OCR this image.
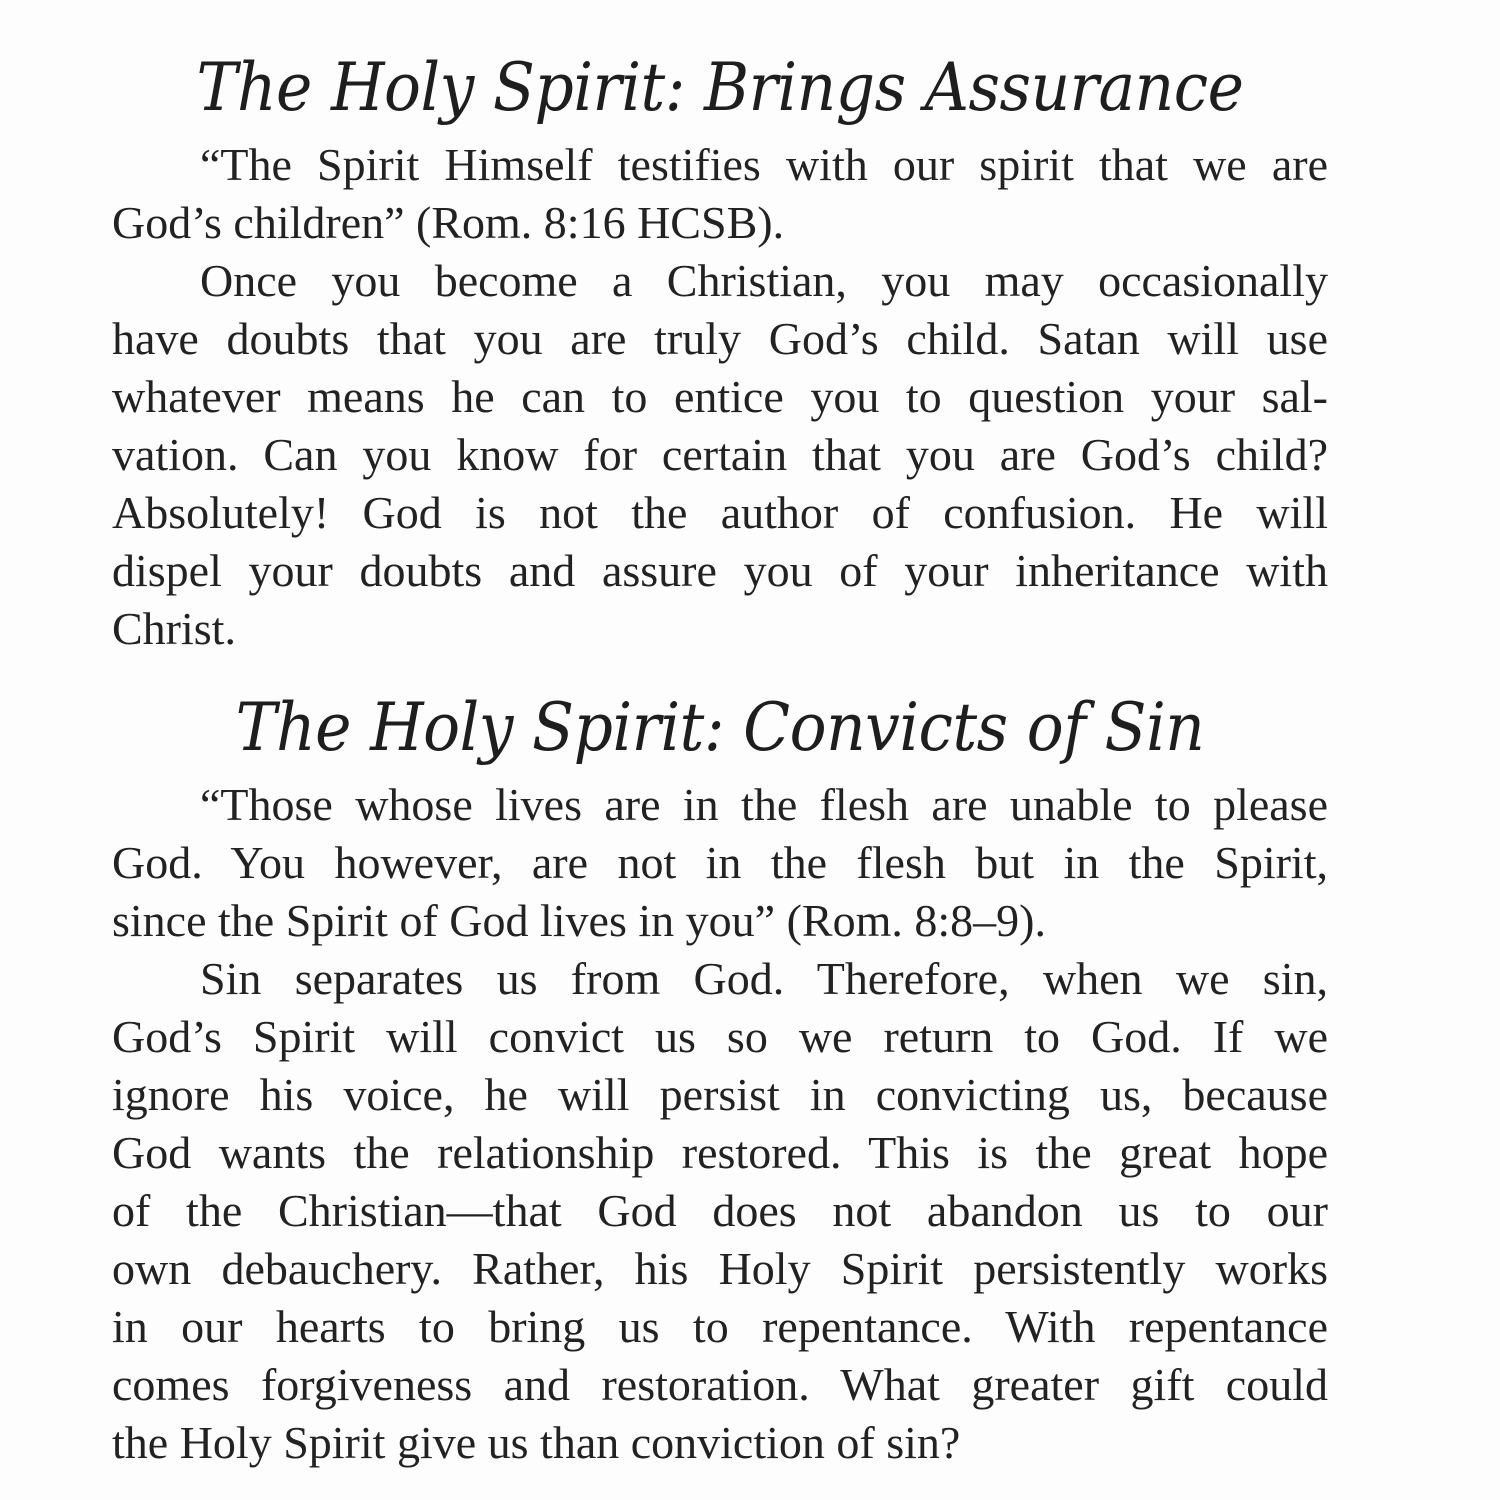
The Holy Spirit: Brings Assurance

“The Spirit Himself testifies with our spirit that we are
God’s children” (Rom. 8:16 HCSB).

Once you become a Christian, you may occasionally
have doubts that you are truly God’s child. Satan will use
whatever means he can to entice you to question your sal-
vation. Can you know for certain that you are God’s child?
Absolutely! God is not the author of confusion. He will
dispel your doubts and assure you of your inheritance with
Christ.

The Holy Spirit: Convicts of Sin

“Those whose lives are in the flesh are unable to please
God. You however, are not in the flesh but in the Spirit,
since the Spirit of God lives in you” (Rom. 8:8–9).

Sin separates us from God. Therefore, when we sin,
God’s Spirit will convict us so we return to God. If we
ignore his voice, he will persist in convicting us, because
God wants the relationship restored. This is the great hope
of the Christian—that God does not abandon us to our
own debauchery. Rather, his Holy Spirit persistently works
in our hearts to bring us to repentance. With repentance
comes forgiveness and restoration. What greater gift could
the Holy Spirit give us than conviction of sin?
